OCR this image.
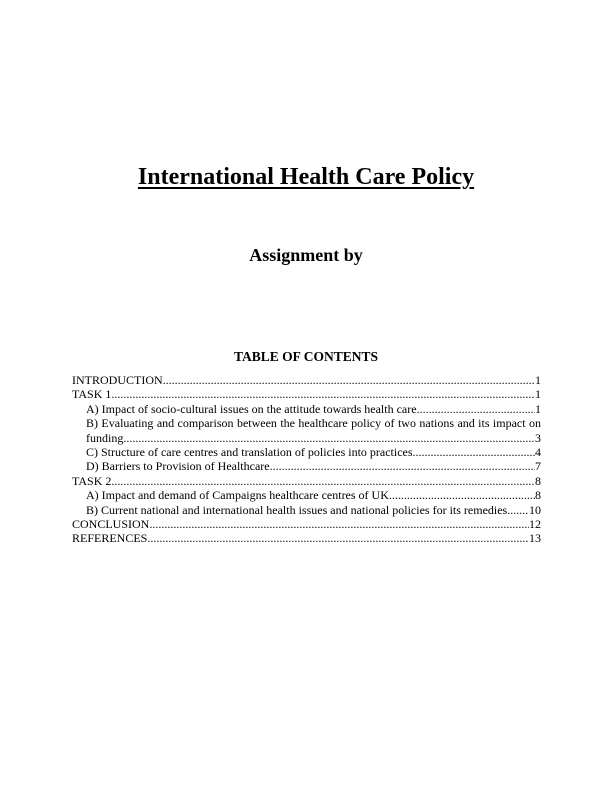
International Health Care Policy
Assignment by
TABLE OF CONTENTS
INTRODUCTION .....	1
TASK 1 .....	1
A) Impact of socio-cultural issues on the attitude towards health care .....	1
B) Evaluating and comparison between the healthcare policy of two nations and its impact on
funding .....	3
C) Structure of care centres and translation of policies into practices .....	4
D) Barriers to Provision of Healthcare .....	7
TASK 2 .....	8
A) Impact and demand of Campaigns healthcare centres of UK .....	8
B) Current national and international health issues and national policies for its remedies ..... 10
CONCLUSION .....	12
REFERENCES .....	13
